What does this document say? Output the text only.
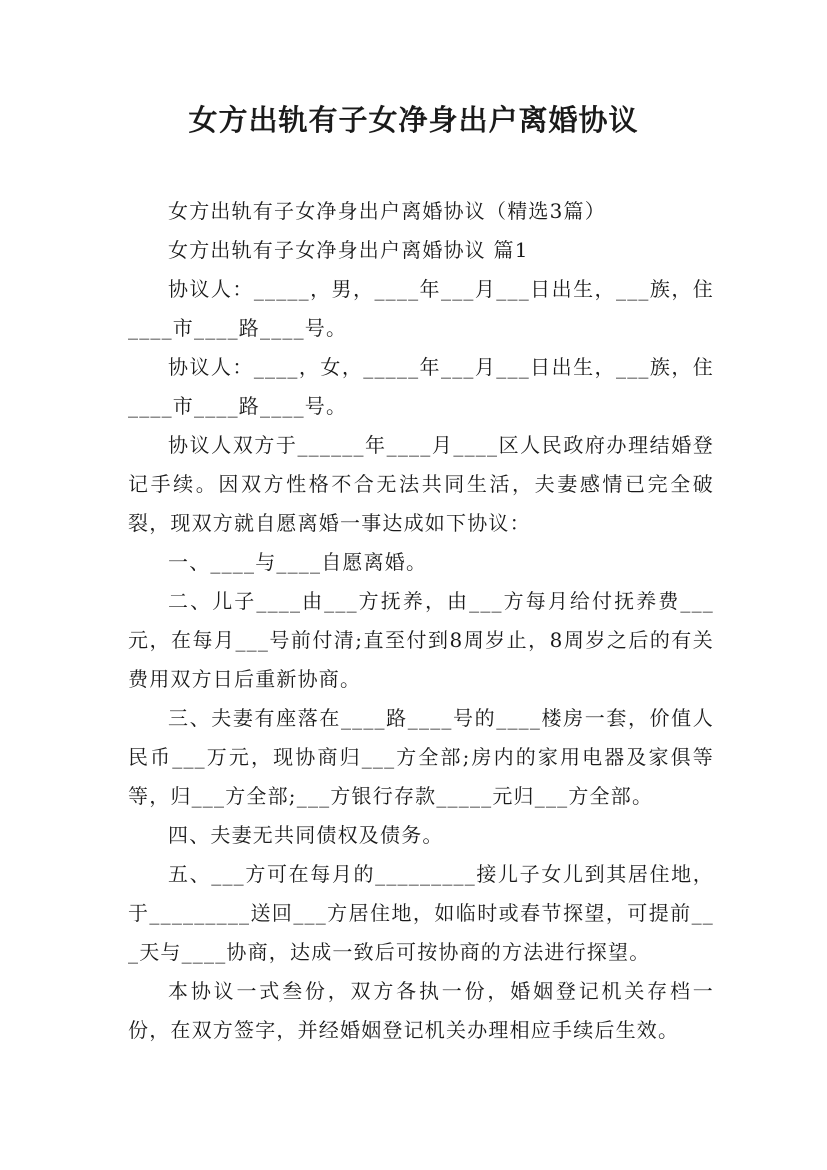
女方出轨有子女净身出户离婚协议

女方出轨有子女净身出户离婚协议（精选3篇）

女方出轨有子女净身出户离婚协议 篇1

协议人：_____，男，____年___月___日出生，___族，住____市____路____号。

协议人：____，女，_____年___月___日出生，___族，住____市____路____号。

协议人双方于______年____月____区人民政府办理结婚登记手续。因双方性格不合无法共同生活，夫妻感情已完全破裂，现双方就自愿离婚一事达成如下协议：

一、____与____自愿离婚。

二、儿子____由___方抚养，由___方每月给付抚养费___元，在每月___号前付清;直至付到8周岁止，8周岁之后的有关费用双方日后重新协商。

三、夫妻有座落在____路____号的____楼房一套，价值人民币___万元，现协商归___方全部;房内的家用电器及家俱等等，归___方全部;___方银行存款_____元归___方全部。

四、夫妻无共同债权及债务。

五、___方可在每月的_________接儿子女儿到其居住地，于_________送回___方居住地，如临时或春节探望，可提前___天与____协商，达成一致后可按协商的方法进行探望。

本协议一式叁份，双方各执一份，婚姻登记机关存档一份，在双方签字，并经婚姻登记机关办理相应手续后生效。
